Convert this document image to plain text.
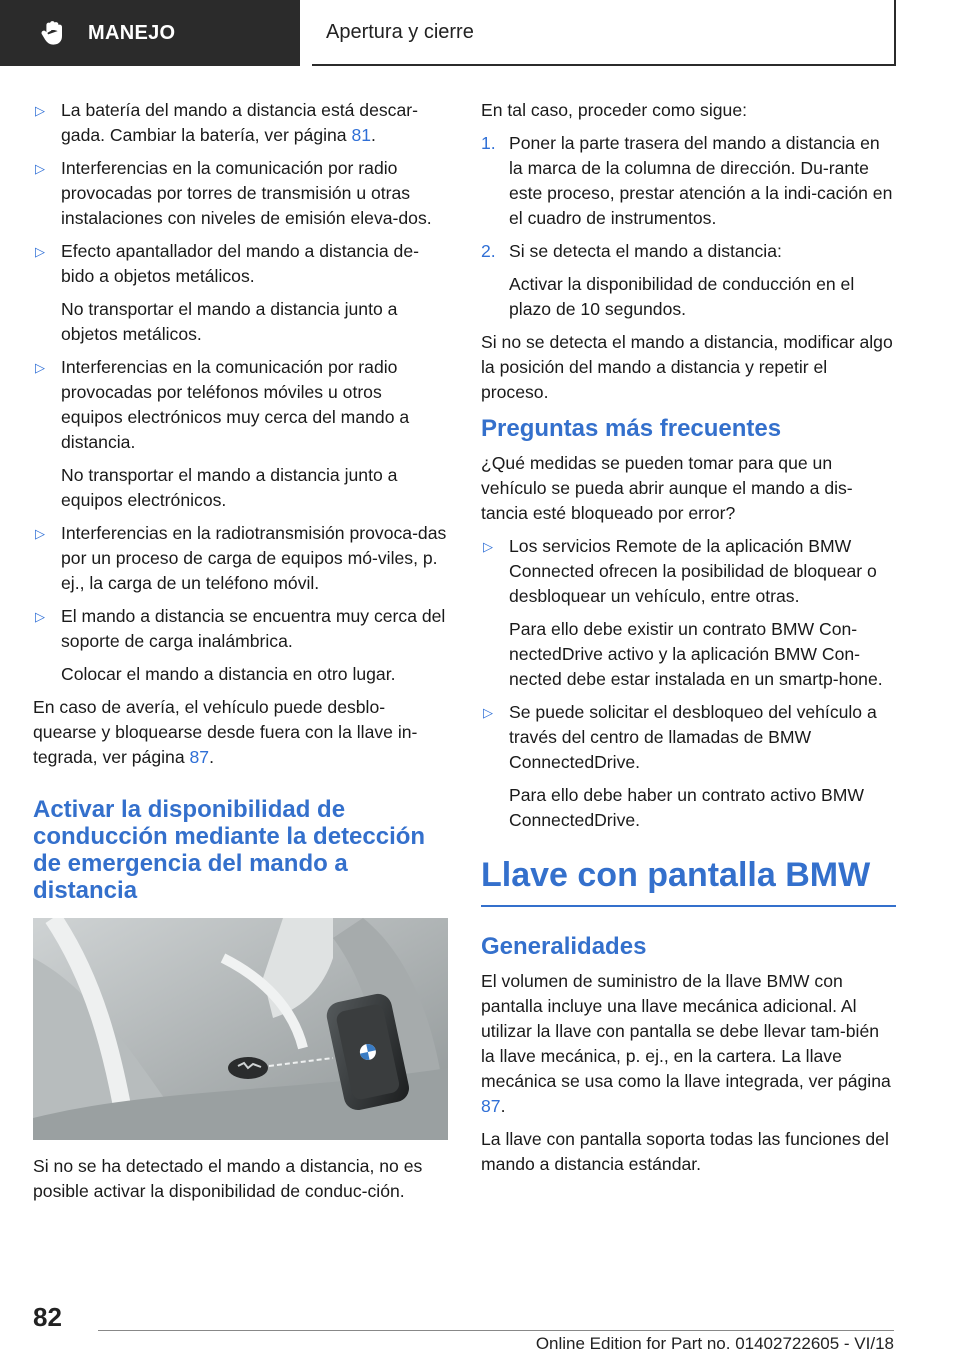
MANEJO	Apertura y cierre
▷ La batería del mando a distancia está descar-gada. Cambiar la batería, ver página 81.
▷ Interferencias en la comunicación por radio provocadas por torres de transmisión u otras instalaciones con niveles de emisión eleva-dos.
▷ Efecto apantallador del mando a distancia de-bido a objetos metálicos.
No transportar el mando a distancia junto a objetos metálicos.
▷ Interferencias en la comunicación por radio provocadas por teléfonos móviles u otros equipos electrónicos muy cerca del mando a distancia.
No transportar el mando a distancia junto a equipos electrónicos.
▷ Interferencias en la radiotransmisión provoca-das por un proceso de carga de equipos mó-viles, p. ej., la carga de un teléfono móvil.
▷ El mando a distancia se encuentra muy cerca del soporte de carga inalámbrica.
Colocar el mando a distancia en otro lugar.

En caso de avería, el vehículo puede desblo-quearse y bloquearse desde fuera con la llave in-tegrada, ver página 87.

Activar la disponibilidad de conducción mediante la detección de emergencia del mando a distancia

Si no se ha detectado el mando a distancia, no es posible activar la disponibilidad de conduc-ción.

En tal caso, proceder como sigue:

1. Poner la parte trasera del mando a distancia en la marca de la columna de dirección. Du-rante este proceso, prestar atención a la indi-cación en el cuadro de instrumentos.
2. Si se detecta el mando a distancia:
Activar la disponibilidad de conducción en el plazo de 10 segundos.

Si no se detecta el mando a distancia, modificar algo la posición del mando a distancia y repetir el proceso.

Preguntas más frecuentes

¿Qué medidas se pueden tomar para que un vehículo se pueda abrir aunque el mando a dis-tancia esté bloqueado por error?

▷ Los servicios Remote de la aplicación BMW Connected ofrecen la posibilidad de bloquear o desbloquear un vehículo, entre otras.
Para ello debe existir un contrato BMW Con-nectedDrive activo y la aplicación BMW Con-nected debe estar instalada en un smartp-hone.
▷ Se puede solicitar el desbloqueo del vehículo a través del centro de llamadas de BMW ConnectedDrive.
Para ello debe haber un contrato activo BMW ConnectedDrive.
Llave con pantalla BMW
Generalidades

El volumen de suministro de la llave BMW con pantalla incluye una llave mecánica adicional. Al utilizar la llave con pantalla se debe llevar tam-bién la llave mecánica, p. ej., en la cartera. La llave mecánica se usa como la llave integrada, ver página 87.

La llave con pantalla soporta todas las funciones del mando a distancia estándar.

82
Online Edition for Part no. 01402722605 - VI/18
